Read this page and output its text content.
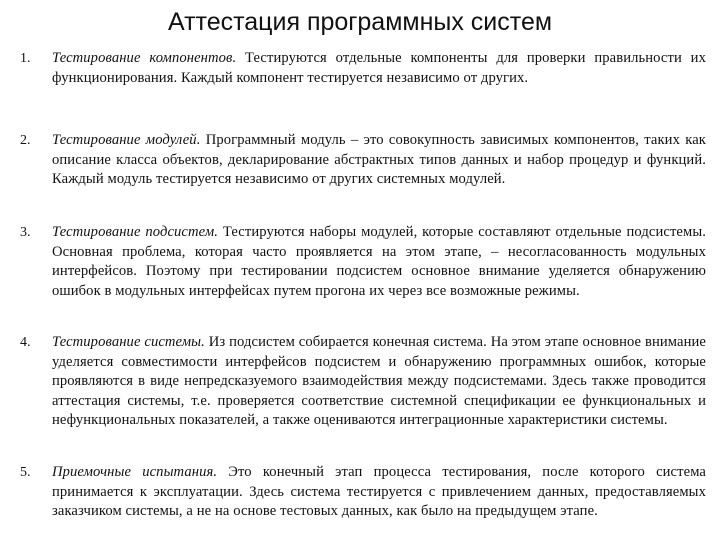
Аттестация программных систем
1. Тестирование компонентов. Тестируются отдельные компоненты для проверки правильности их функционирования. Каждый компонент тестируется независимо от других.
2. Тестирование модулей. Программный модуль – это совокупность зависимых компонентов, таких как описание класса объектов, декларирование абстрактных типов данных и набор процедур и функций. Каждый модуль тестируется независимо от других системных модулей.
3. Тестирование подсистем. Тестируются наборы модулей, которые составляют отдельные подсистемы. Основная проблема, которая часто проявляется на этом этапе, – несогласованность модульных интерфейсов. Поэтому при тестировании подсистем основное внимание уделяется обнаружению ошибок в модульных интерфейсах путем прогона их через все возможные режимы.
4. Тестирование системы. Из подсистем собирается конечная система. На этом этапе основное внимание уделяется совместимости интерфейсов подсистем и обнаружению программных ошибок, которые проявляются в виде непредсказуемого взаимодействия между подсистемами. Здесь также проводится аттестация системы, т.е. проверяется соответствие системной спецификации ее функциональных и нефункциональных показателей, а также оцениваются интеграционные характеристики системы.
5. Приемочные испытания. Это конечный этап процесса тестирования, после которого система принимается к эксплуатации. Здесь система тестируется с привлечением данных, предоставляемых заказчиком системы, а не на основе тестовых данных, как было на предыдущем этапе.
